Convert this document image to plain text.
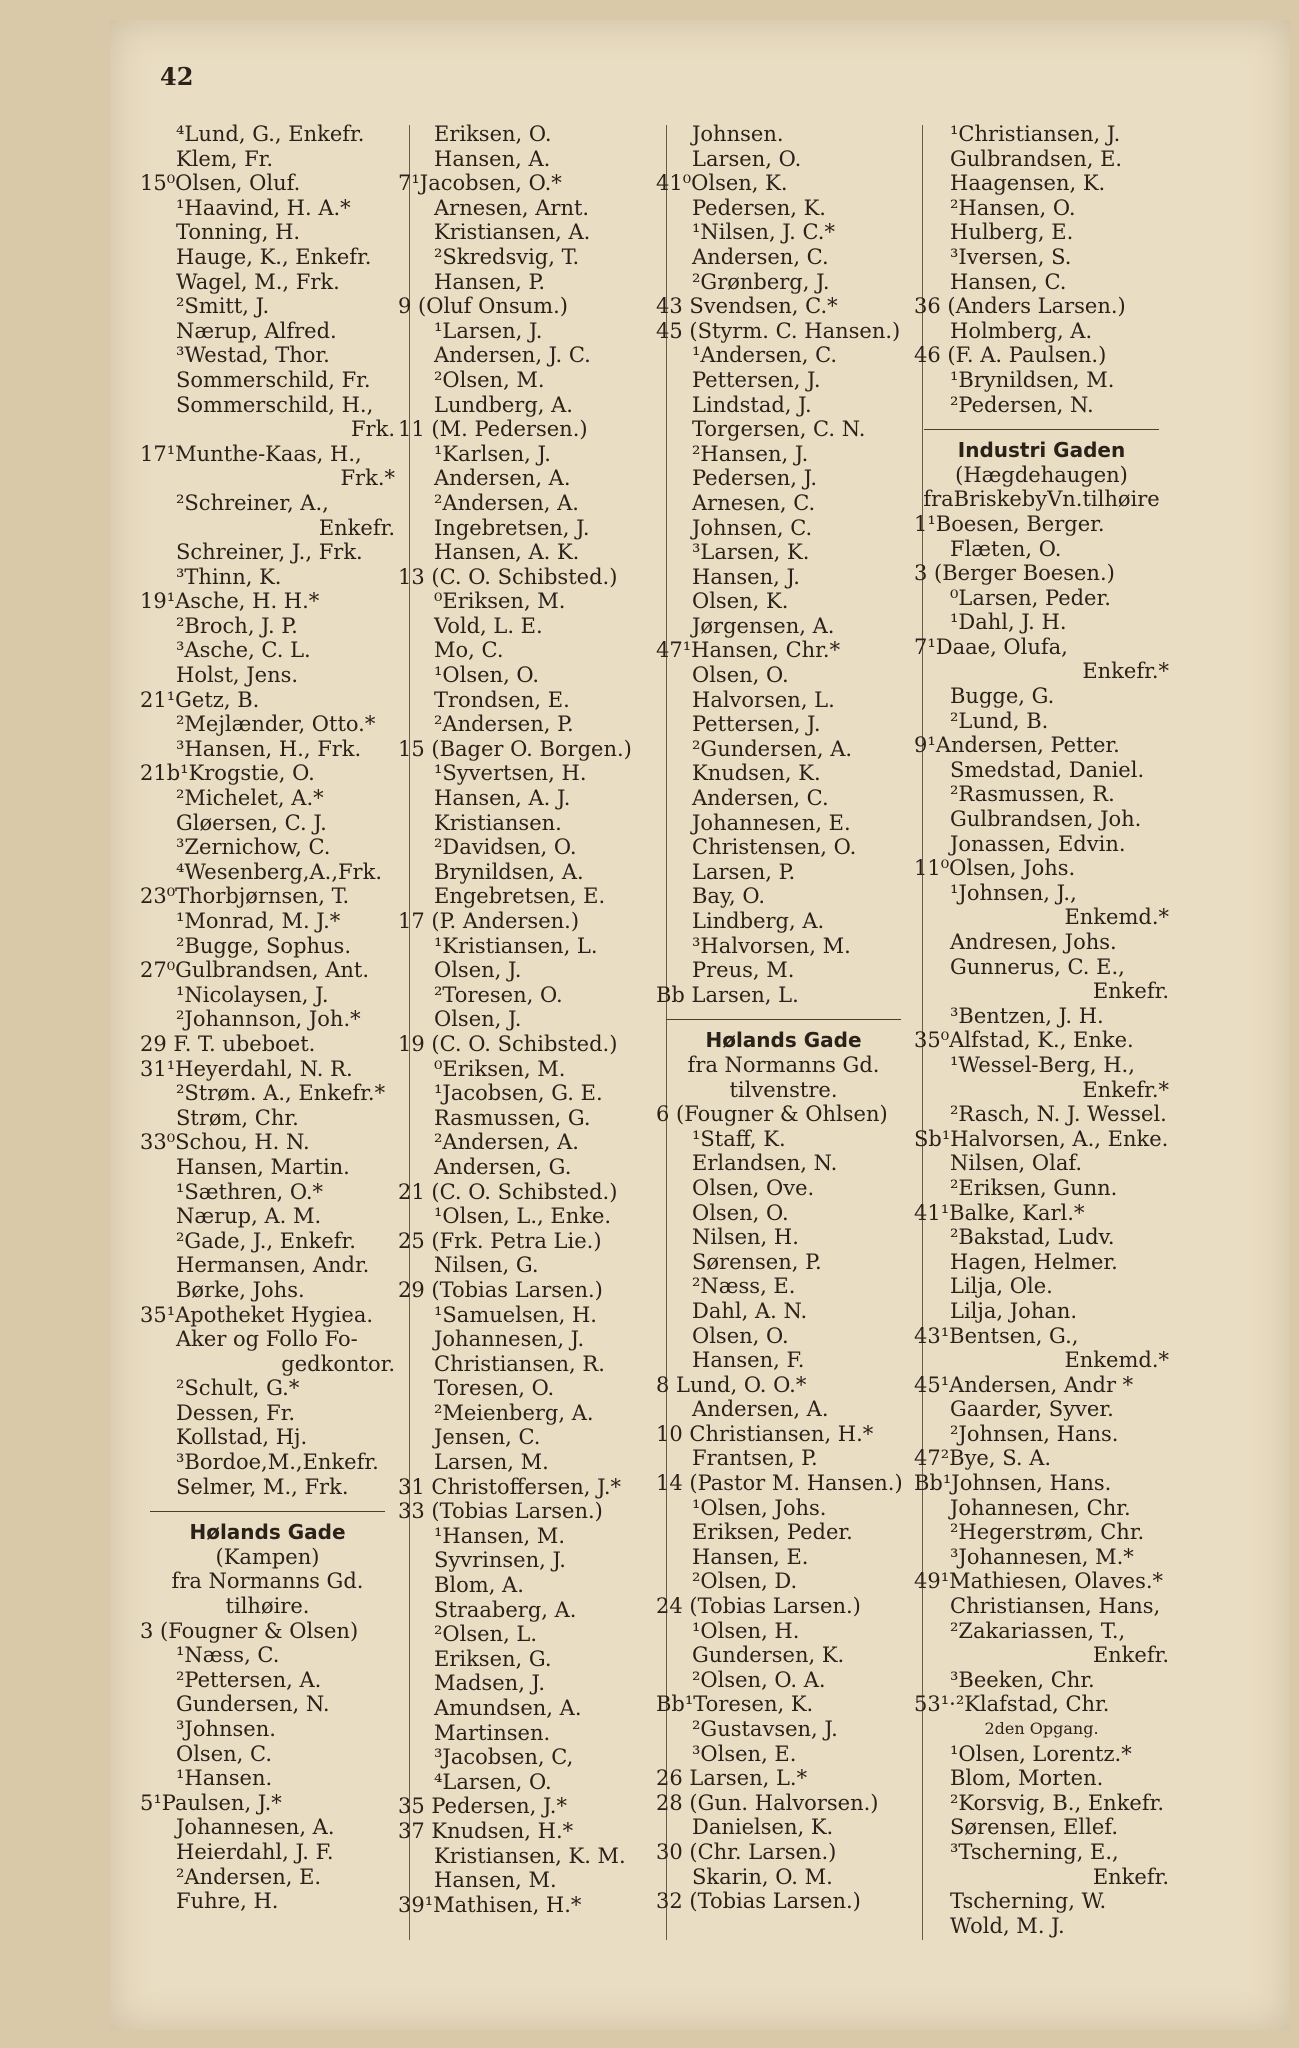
42
⁴Lund, G., Enkefr.
Klem, Fr.
15⁰Olsen, Oluf.
¹Haavind, H. A.*
Tonning, H.
Hauge, K., Enkefr.
Wagel, M., Frk.
²Smitt, J.
Nærup, Alfred.
³Westad, Thor.
Sommerschild, Fr.
Sommerschild, H.,
Frk.
17¹Munthe-Kaas, H.,
Frk.*
²Schreiner, A.,
Enkefr.
Schreiner, J., Frk.
³Thinn, K.
19¹Asche, H. H.*
²Broch, J. P.
³Asche, C. L.
Holst, Jens.
21¹Getz, B.
²Mejlænder, Otto.*
³Hansen, H., Frk.
21b¹Krogstie, O.
²Michelet, A.*
Gløersen, C. J.
³Zernichow, C.
⁴Wesenberg,A.,Frk.
23⁰Thorbjørnsen, T.
¹Monrad, M. J.*
²Bugge, Sophus.
27⁰Gulbrandsen, Ant.
¹Nicolaysen, J.
²Johannson, Joh.*
29 F. T. ubeboet.
31¹Heyerdahl, N. R.
²Strøm. A., Enkefr.*
Strøm, Chr.
33⁰Schou, H. N.
Hansen, Martin.
¹Sæthren, O.*
Nærup, A. M.
²Gade, J., Enkefr.
Hermansen, Andr.
Børke, Johs.
35¹Apotheket Hygiea.
Aker og Follo Fo-
gedkontor.
²Schult, G.*
Dessen, Fr.
Kollstad, Hj.
³Bordoe,M.,Enkefr.
Selmer, M., Frk.
Hølands Gade
(Kampen)
fra Normanns Gd.
tilhøire.
3 (Fougner & Olsen)
¹Næss, C.
²Pettersen, A.
Gundersen, N.
³Johnsen.
Olsen, C.
¹Hansen.
5¹Paulsen, J.*
Johannesen, A.
Heierdahl, J. F.
²Andersen, E.
Fuhre, H.
Eriksen, O.
Hansen, A.
7¹Jacobsen, O.*
Arnesen, Arnt.
Kristiansen, A.
²Skredsvig, T.
Hansen, P.
9 (Oluf Onsum.)
¹Larsen, J.
Andersen, J. C.
²Olsen, M.
Lundberg, A.
11 (M. Pedersen.)
¹Karlsen, J.
Andersen, A.
²Andersen, A.
Ingebretsen, J.
Hansen, A. K.
13 (C. O. Schibsted.)
⁰Eriksen, M.
Vold, L. E.
Mo, C.
¹Olsen, O.
Trondsen, E.
²Andersen, P.
15 (Bager O. Borgen.)
¹Syvertsen, H.
Hansen, A. J.
Kristiansen.
²Davidsen, O.
Brynildsen, A.
Engebretsen, E.
17 (P. Andersen.)
¹Kristiansen, L.
Olsen, J.
²Toresen, O.
Olsen, J.
19 (C. O. Schibsted.)
⁰Eriksen, M.
¹Jacobsen, G. E.
Rasmussen, G.
²Andersen, A.
Andersen, G.
21 (C. O. Schibsted.)
¹Olsen, L., Enke.
25 (Frk. Petra Lie.)
Nilsen, G.
29 (Tobias Larsen.)
¹Samuelsen, H.
Johannesen, J.
Christiansen, R.
Toresen, O.
²Meienberg, A.
Jensen, C.
Larsen, M.
31 Christoffersen, J.*
33 (Tobias Larsen.)
¹Hansen, M.
Syvrinsen, J.
Blom, A.
Straaberg, A.
²Olsen, L.
Eriksen, G.
Madsen, J.
Amundsen, A.
Martinsen.
³Jacobsen, C,
⁴Larsen, O.
35 Pedersen, J.*
37 Knudsen, H.*
Kristiansen, K. M.
Hansen, M.
39¹Mathisen, H.*
Johnsen.
Larsen, O.
41⁰Olsen, K.
Pedersen, K.
¹Nilsen, J. C.*
Andersen, C.
²Grønberg, J.
43 Svendsen, C.*
45 (Styrm. C. Hansen.)
¹Andersen, C.
Pettersen, J.
Lindstad, J.
Torgersen, C. N.
²Hansen, J.
Pedersen, J.
Arnesen, C.
Johnsen, C.
³Larsen, K.
Hansen, J.
Olsen, K.
Jørgensen, A.
47¹Hansen, Chr.*
Olsen, O.
Halvorsen, L.
Pettersen, J.
²Gundersen, A.
Knudsen, K.
Andersen, C.
Johannesen, E.
Christensen, O.
Larsen, P.
Bay, O.
Lindberg, A.
³Halvorsen, M.
Preus, M.
Bb Larsen, L.
Hølands Gade
fra Normanns Gd.
tilvenstre.
6 (Fougner & Ohlsen)
¹Staff, K.
Erlandsen, N.
Olsen, Ove.
Olsen, O.
Nilsen, H.
Sørensen, P.
²Næss, E.
Dahl, A. N.
Olsen, O.
Hansen, F.
8 Lund, O. O.*
Andersen, A.
10 Christiansen, H.*
Frantsen, P.
14 (Pastor M. Hansen.)
¹Olsen, Johs.
Eriksen, Peder.
Hansen, E.
²Olsen, D.
24 (Tobias Larsen.)
¹Olsen, H.
Gundersen, K.
²Olsen, O. A.
Bb¹Toresen, K.
²Gustavsen, J.
³Olsen, E.
26 Larsen, L.*
28 (Gun. Halvorsen.)
Danielsen, K.
30 (Chr. Larsen.)
Skarin, O. M.
32 (Tobias Larsen.)
¹Christiansen, J.
Gulbrandsen, E.
Haagensen, K.
²Hansen, O.
Hulberg, E.
³Iversen, S.
Hansen, C.
36 (Anders Larsen.)
Holmberg, A.
46 (F. A. Paulsen.)
¹Brynildsen, M.
²Pedersen, N.
Industri Gaden
(Hægdehaugen)
fraBriskebyVn.tilhøire
1¹Boesen, Berger.
Flæten, O.
3 (Berger Boesen.)
⁰Larsen, Peder.
¹Dahl, J. H.
7¹Daae, Olufa,
Enkefr.*
Bugge, G.
²Lund, B.
9¹Andersen, Petter.
Smedstad, Daniel.
²Rasmussen, R.
Gulbrandsen, Joh.
Jonassen, Edvin.
11⁰Olsen, Johs.
¹Johnsen, J.,
Enkemd.*
Andresen, Johs.
Gunnerus, C. E.,
Enkefr.
³Bentzen, J. H.
35⁰Alfstad, K., Enke.
¹Wessel-Berg, H.,
Enkefr.*
²Rasch, N. J. Wessel.
Sb¹Halvorsen, A., Enke.
Nilsen, Olaf.
²Eriksen, Gunn.
41¹Balke, Karl.*
²Bakstad, Ludv.
Hagen, Helmer.
Lilja, Ole.
Lilja, Johan.
43¹Bentsen, G.,
Enkemd.*
45¹Andersen, Andr *
Gaarder, Syver.
²Johnsen, Hans.
47²Bye, S. A.
Bb¹Johnsen, Hans.
Johannesen, Chr.
²Hegerstrøm, Chr.
³Johannesen, M.*
49¹Mathiesen, Olaves.*
Christiansen, Hans,
²Zakariassen, T.,
Enkefr.
³Beeken, Chr.
53¹·²Klafstad, Chr.
2den Opgang.
¹Olsen, Lorentz.*
Blom, Morten.
²Korsvig, B., Enkefr.
Sørensen, Ellef.
³Tscherning, E.,
Enkefr.
Tscherning, W.
Wold, M. J.
